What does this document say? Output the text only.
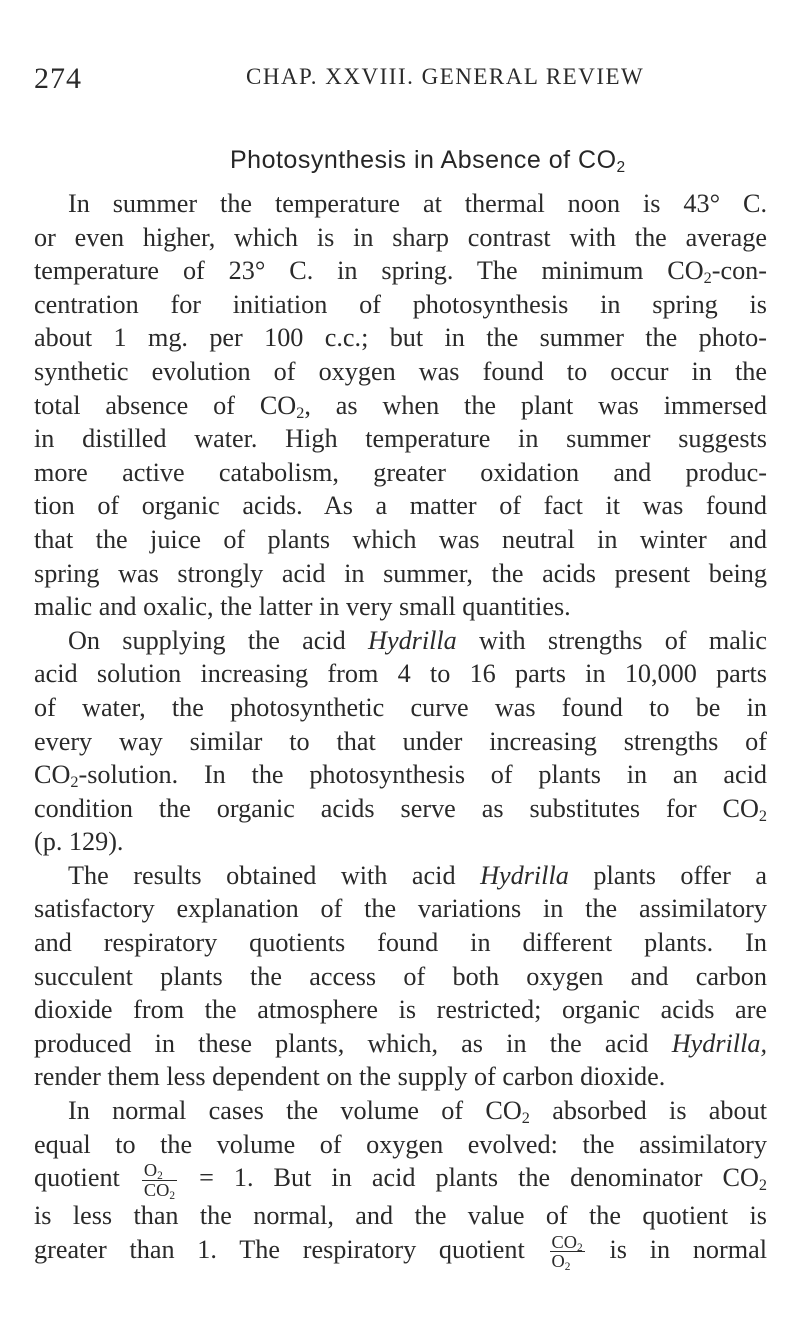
274	CHAP. XXVIII. GENERAL REVIEW
Photosynthesis in Absence of $CO_2$

In summer the temperature at thermal noon is 43° C.

or even higher, which is in sharp contrast with the average

temperature of 23° C. in spring. The minimum $CO_2-con-$

centration for initiation of photosynthesis in spring is

about 1 mg. per 100 c.c.; but in the summer the photo-

synthetic evolution of oxygen was found to occur in the

total absence of $CO_2$, as when the plant was immersed

in distilled water. High temperature in summer suggests

more active catabolism, greater oxidation and produc-

tion of organic acids. As a matter of fact it was found

that the juice of plants which was neutral in winter and

spring was strongly acid in summer, the acids present being

malic and oxalic, the latter in very small quantities.

On supplying the acid Hydrilla with strengths of malic

acid solution increasing from 4 to 16 parts in 10,000 parts

of water, the photosynthetic curve was found to be in

every way similar to that under increasing strengths of

$CO_2$-solution. In the photosynthesis of plants in an acid

condition the organic acids serve as substitutes for $CO_2$

(p. 129).

The results obtained with acid Hydrilla plants offer a

satisfactory explanation of the variations in the assimilatory

and respiratory quotients found in different plants. In

succulent plants the access of both oxygen and carbon

dioxide from the atmosphere is restricted; organic acids are

produced in these plants, which, as in the acid Hydrilla,

render them less dependent on the supply of carbon dioxide.

In normal cases the volume of $CO_2$ absorbed is about

equal to the volume of oxygen evolved: the assimilatory

quotient $\frac{O_2}{CO_2} = 1$. But in acid plants the denominator $CO_2$

is less than the normal, and the value of the quotient is

greater than 1. The respiratory quotient $\frac{CO_2}{O_2}$ is in normal
